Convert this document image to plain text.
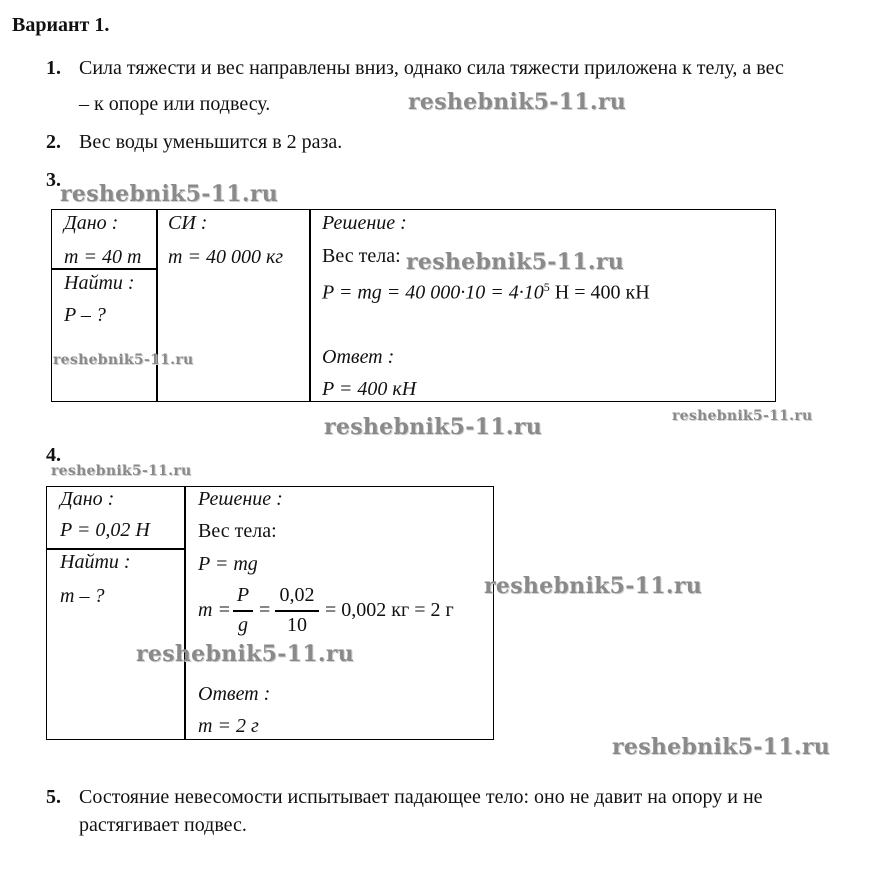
Вариант 1.
1. Сила тяжести и вес направлены вниз, однако сила тяжести приложена к телу, а вес
– к опоре или подвесу.	reshebnik5-11.ru
2. Вес воды уменьшится в 2 раза.
3.
reshebnik5-11.ru
Дано :
m = 40 т
Найти :
P – ?
СИ :
m = 40 000 кг
Решение :
Вес тела:
P = mg = 40 $000\cdot 10 = 4\cdot 10^5$ Н = 400 кН
Ответ :
P = 400 кН
reshebnik5-11.ru
reshebnik5-11.ru
reshebnik5-11.ru	reshebnik5-11.ru
4.
reshebnik5-11.ru
Дано :
P = 0,02 Н
Найти :
m – ?
Решение :
Вес тела:
P = mg
m =
P
g
=
0,02
10
= 0,002 кг = 2 г
Ответ :
m = 2 г
reshebnik5-11.ru
reshebnik5-11.ru
reshebnik5-11.ru
5. Состояние невесомости испытывает падающее тело: оно не давит на опору и не
растягивает подвес.
